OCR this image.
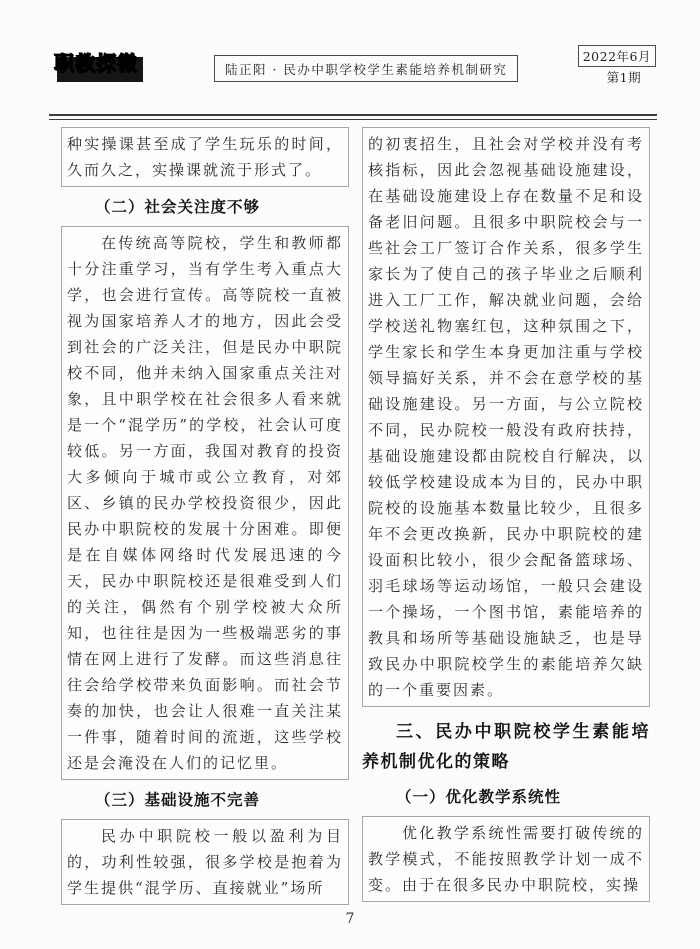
职教探微	陆正阳 · 民办中职学校学生素能培养机制研究
2022年6月
第1期
种实操课甚至成了学生玩乐的时间，久而久之，实操课就流于形式了。
（二）社会关注度不够
在传统高等院校，学生和教师都十分注重学习，当有学生考入重点大学，也会进行宣传。高等院校一直被视为国家培养人才的地方，因此会受到社会的广泛关注，但是民办中职院校不同，他并未纳入国家重点关注对象，且中职学校在社会很多人看来就是一个“混学历”的学校，社会认可度较低。另一方面，我国对教育的投资大多倾向于城市或公立教育，对郊区、乡镇的民办学校投资很少，因此民办中职院校的发展十分困难。即便是在自媒体网络时代发展迅速的今天，民办中职院校还是很难受到人们的关注，偶然有个别学校被大众所知，也往往是因为一些极端恶劣的事情在网上进行了发酵。而这些消息往往会给学校带来负面影响。而社会节奏的加快，也会让人很难一直关注某一件事，随着时间的流逝，这些学校还是会淹没在人们的记忆里。
（三）基础设施不完善
民办中职院校一般以盈利为目的，功利性较强，很多学校是抱着为学生提供“混学历、直接就业”场所
的初衷招生，且社会对学校并没有考核指标，因此会忽视基础设施建设，在基础设施建设上存在数量不足和设备老旧问题。且很多中职院校会与一些社会工厂签订合作关系，很多学生家长为了使自己的孩子毕业之后顺利进入工厂工作，解决就业问题，会给学校送礼物塞红包，这种氛围之下，学生家长和学生本身更加注重与学校领导搞好关系，并不会在意学校的基础设施建设。另一方面，与公立院校不同，民办院校一般没有政府扶持，基础设施建设都由院校自行解决，以较低学校建设成本为目的，民办中职院校的设施基本数量比较少，且很多年不会更改换新，民办中职院校的建设面积比较小，很少会配备篮球场、羽毛球场等运动场馆，一般只会建设一个操场，一个图书馆，素能培养的教具和场所等基础设施缺乏，也是导致民办中职院校学生的素能培养欠缺的一个重要因素。
三、民办中职院校学生素能培养机制优化的策略
（一）优化教学系统性
优化教学系统性需要打破传统的教学模式，不能按照教学计划一成不变。由于在很多民办中职院校，实操
7
